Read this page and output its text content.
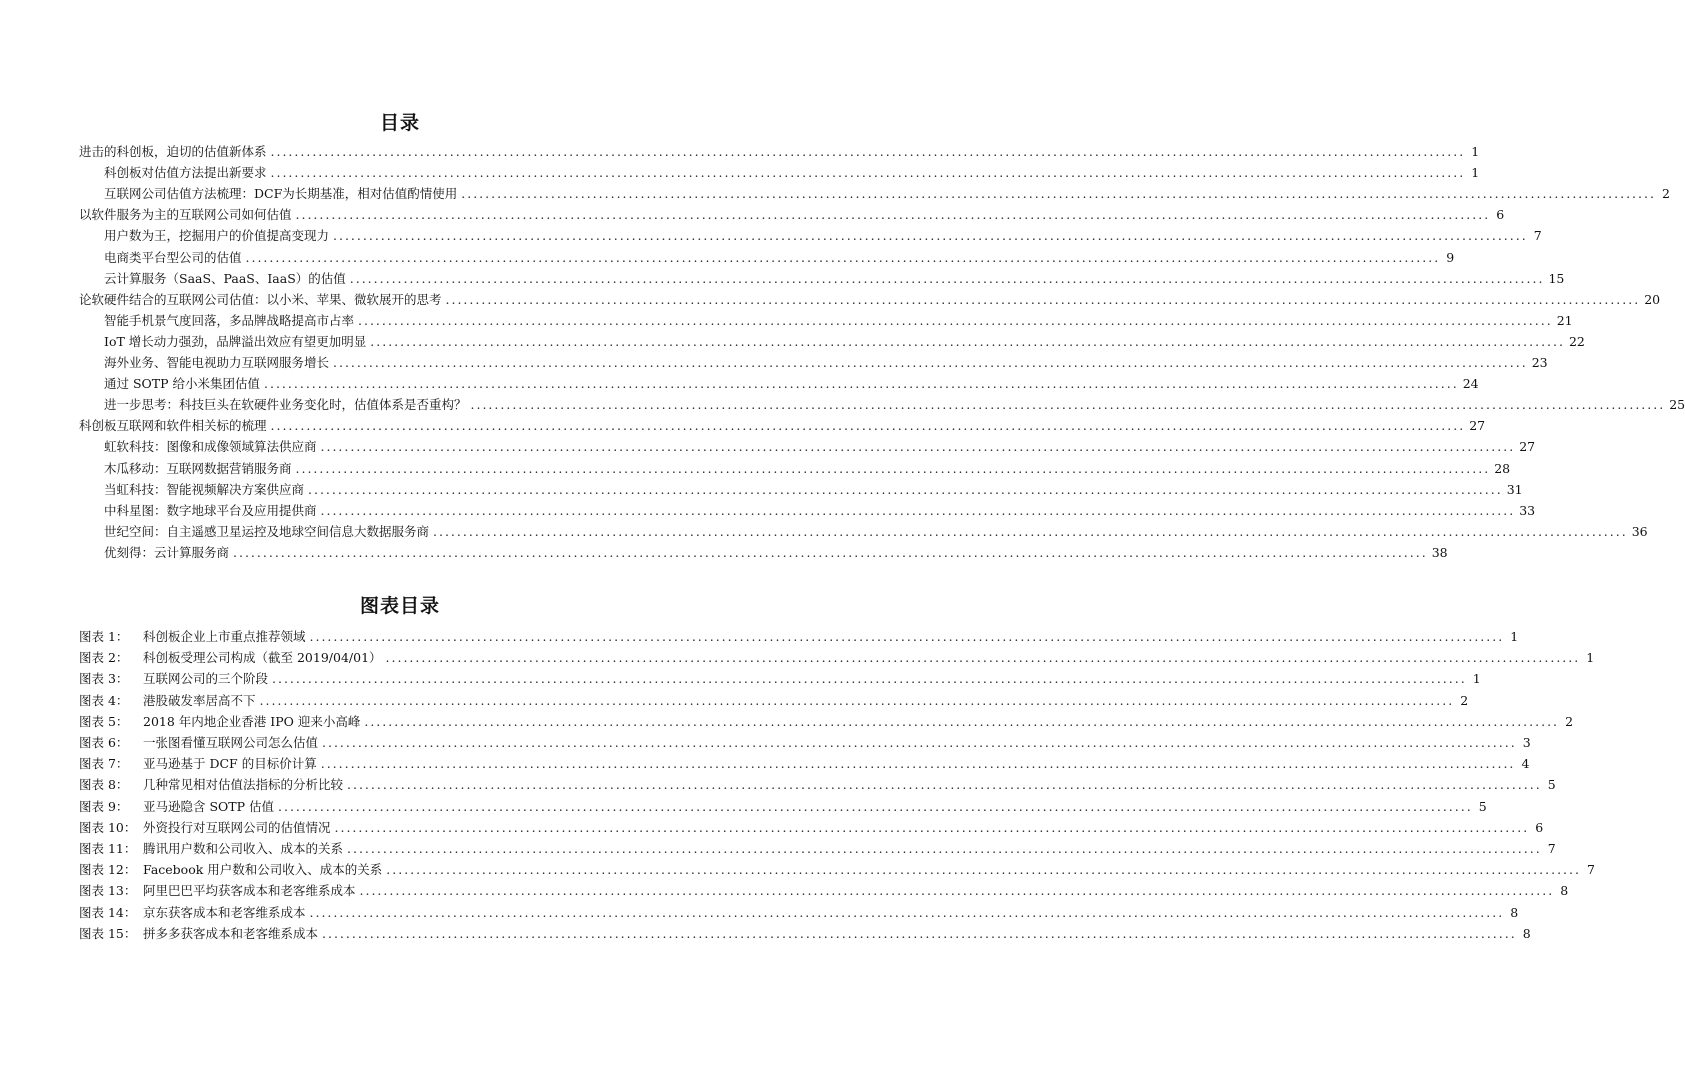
目录
进击的科创板，迫切的估值新体系 ........................................................................................................................................................................................................ 1
科创板对估值方法提出新要求 ........................................................................................................................................................................................................ 1
互联网公司估值方法梳理：DCF为长期基准，相对估值酌情使用 ........................................................................................................................................................................................................ 2
以软件服务为主的互联网公司如何估值 ........................................................................................................................................................................................................ 6
用户数为王，挖掘用户的价值提高变现力 ........................................................................................................................................................................................................ 7
电商类平台型公司的估值 ........................................................................................................................................................................................................ 9
云计算服务（SaaS、PaaS、IaaS）的估值 ........................................................................................................................................................................................................ 15
论软硬件结合的互联网公司估值：以小米、苹果、微软展开的思考 ........................................................................................................................................................................................................ 20
智能手机景气度回落，多品牌战略提高市占率 ........................................................................................................................................................................................................ 21
IoT 增长动力强劲，品牌溢出效应有望更加明显 ........................................................................................................................................................................................................ 22
海外业务、智能电视助力互联网服务增长 ........................................................................................................................................................................................................ 23
通过 SOTP 给小米集团估值 ........................................................................................................................................................................................................ 24
进一步思考：科技巨头在软硬件业务变化时，估值体系是否重构？ ........................................................................................................................................................................................................ 25
科创板互联网和软件相关标的梳理 ........................................................................................................................................................................................................ 27
虹软科技：图像和成像领域算法供应商 ........................................................................................................................................................................................................ 27
木瓜移动：互联网数据营销服务商 ........................................................................................................................................................................................................ 28
当虹科技：智能视频解决方案供应商 ........................................................................................................................................................................................................ 31
中科星图：数字地球平台及应用提供商 ........................................................................................................................................................................................................ 33
世纪空间：自主遥感卫星运控及地球空间信息大数据服务商 ........................................................................................................................................................................................................ 36
优刻得：云计算服务商 ........................................................................................................................................................................................................ 38
图表目录
图表 1：	科创板企业上市重点推荐领域 ........................................................................................................................................................................................................ 1
图表 2：	科创板受理公司构成（截至 2019/04/01） ........................................................................................................................................................................................................ 1
图表 3：	互联网公司的三个阶段 ........................................................................................................................................................................................................ 1
图表 4：	港股破发率居高不下 ........................................................................................................................................................................................................ 2
图表 5：	2018 年内地企业香港 IPO 迎来小高峰 ........................................................................................................................................................................................................ 2
图表 6：	一张图看懂互联网公司怎么估值 ........................................................................................................................................................................................................ 3
图表 7：	亚马逊基于 DCF 的目标价计算 ........................................................................................................................................................................................................ 4
图表 8：	几种常见相对估值法指标的分析比较 ........................................................................................................................................................................................................ 5
图表 9：	亚马逊隐含 SOTP 估值 ........................................................................................................................................................................................................ 5
图表 10： 外资投行对互联网公司的估值情况 ........................................................................................................................................................................................................ 6
图表 11： 腾讯用户数和公司收入、成本的关系 ........................................................................................................................................................................................................ 7
图表 12： Facebook 用户数和公司收入、成本的关系 ........................................................................................................................................................................................................ 7
图表 13： 阿里巴巴平均获客成本和老客维系成本 ........................................................................................................................................................................................................ 8
图表 14： 京东获客成本和老客维系成本 ........................................................................................................................................................................................................ 8
图表 15： 拼多多获客成本和老客维系成本 ........................................................................................................................................................................................................ 8
